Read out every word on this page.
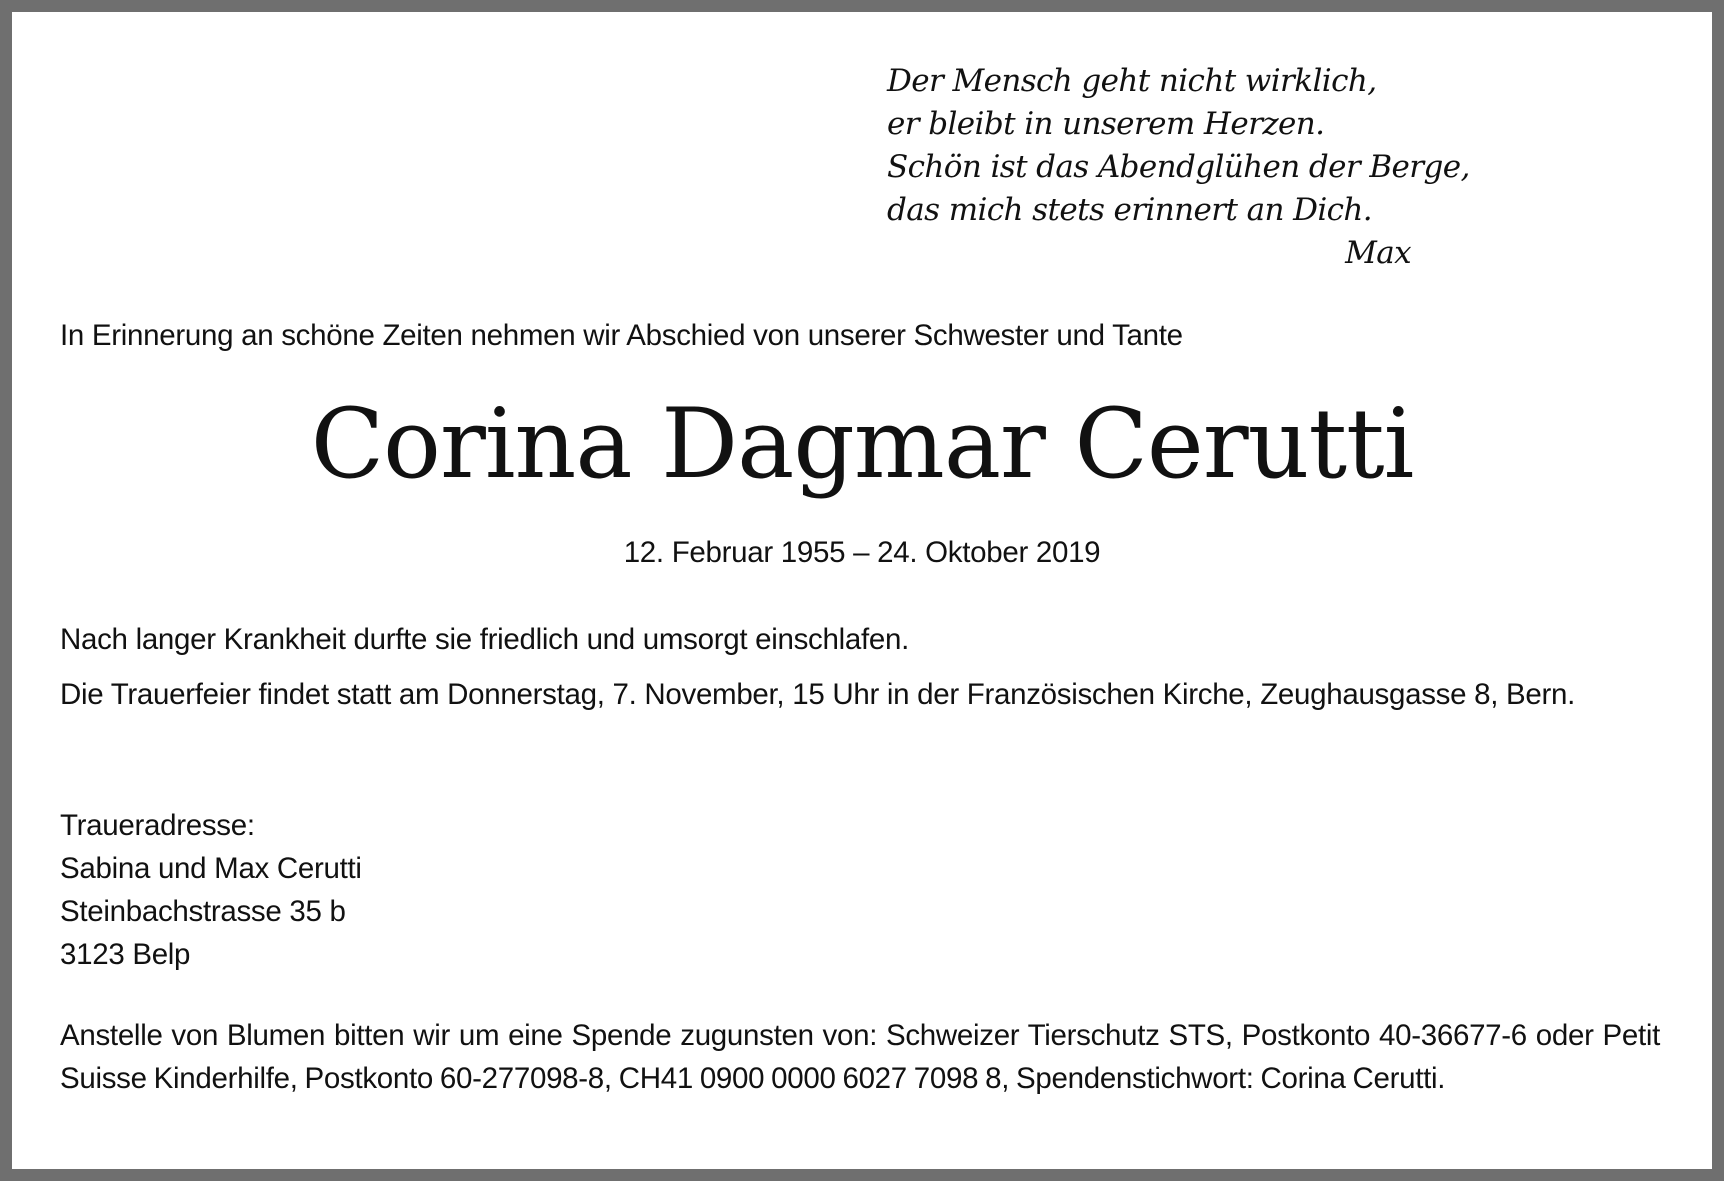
Der Mensch geht nicht wirklich,
er bleibt in unserem Herzen.
Schön ist das Abendglühen der Berge,
das mich stets erinnert an Dich.
Max
In Erinnerung an schöne Zeiten nehmen wir Abschied von unserer Schwester und Tante
Corina Dagmar Cerutti
12. Februar 1955 – 24. Oktober 2019
Nach langer Krankheit durfte sie friedlich und umsorgt einschlafen.
Die Trauerfeier findet statt am Donnerstag, 7. November, 15 Uhr in der Französischen Kirche, Zeughausgasse 8, Bern.
Traueradresse:
Sabina und Max Cerutti
Steinbachstrasse 35 b
3123 Belp
Anstelle von Blumen bitten wir um eine Spende zugunsten von: Schweizer Tierschutz STS, Postkonto 40-36677-6 oder Petit Suisse Kinderhilfe, Postkonto 60-277098-8, CH41 0900 0000 6027 7098 8, Spendenstichwort: Corina Cerutti.
